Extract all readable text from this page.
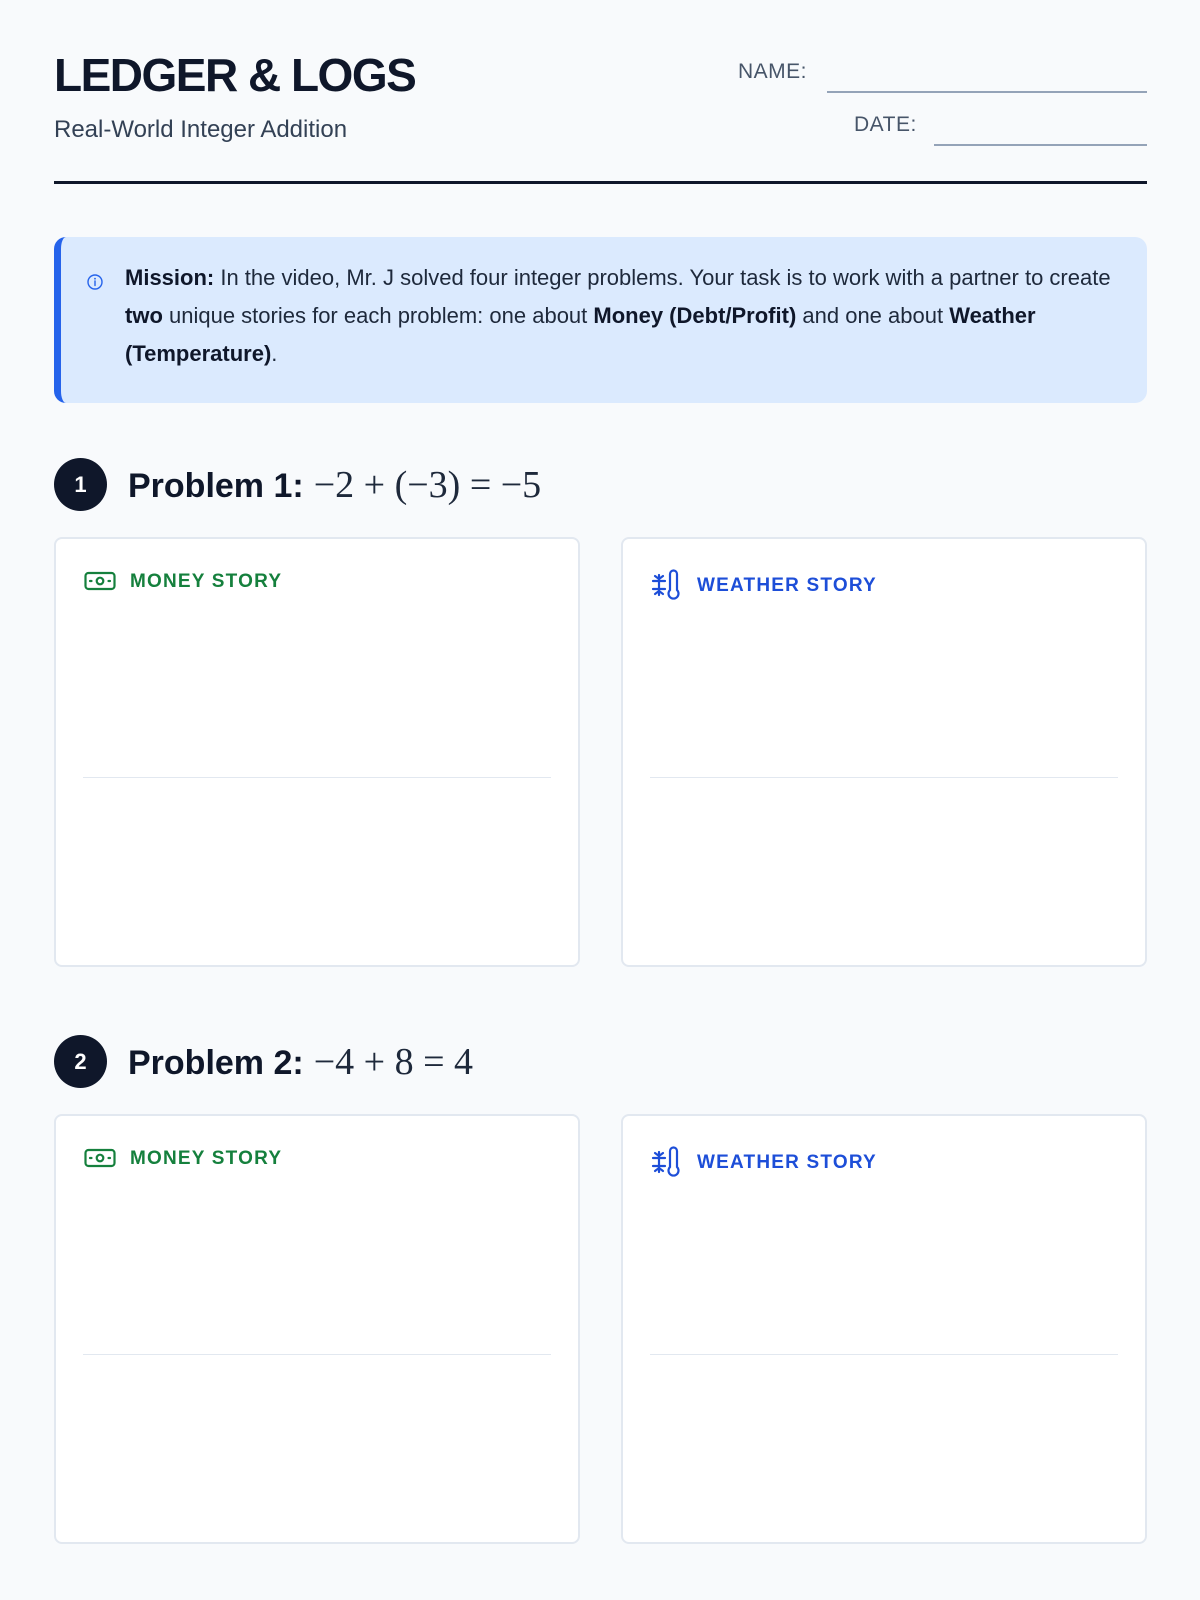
LEDGER & LOGS
Real-World Integer Addition
NAME:
DATE:
Mission: In the video, Mr. J solved four integer problems. Your task is to work with a partner to create two unique stories for each problem: one about Money (Debt/Profit) and one about Weather (Temperature).
1	Problem 1: −2 + (−3) = −5
MONEY STORY	WEATHER STORY
2	Problem 2: −4 + 8 = 4
MONEY STORY	WEATHER STORY
